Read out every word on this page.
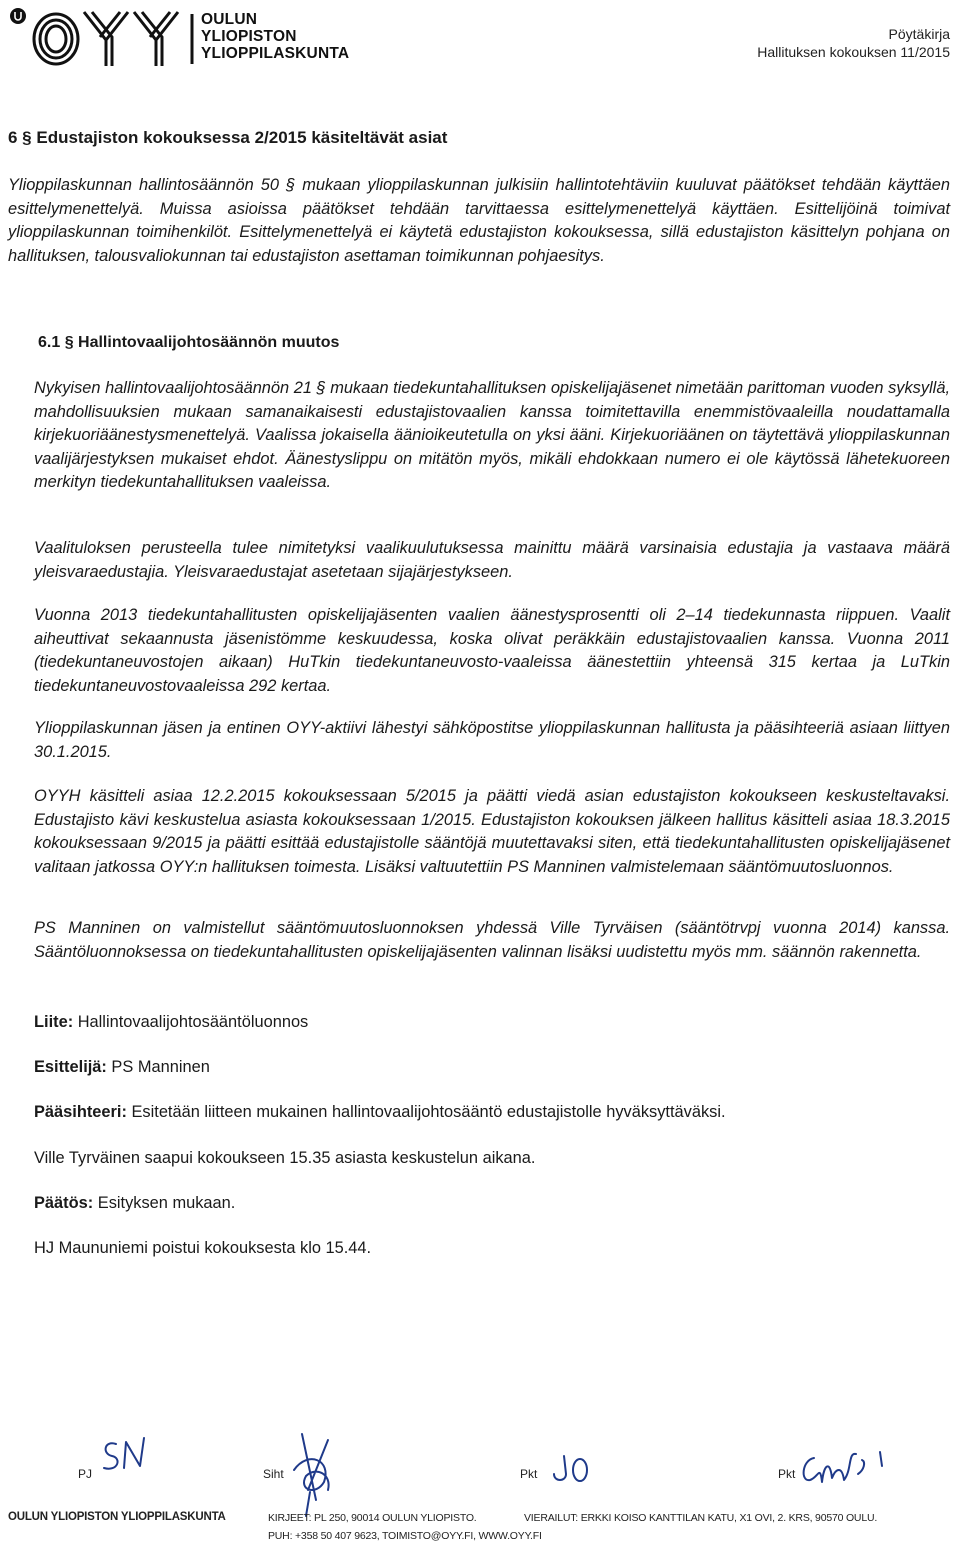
OULUN
YLIOPISTON
YLIOPPILASKUNTA
Pöytäkirja
Hallituksen kokouksen 11/2015
6 § Edustajiston kokouksessa 2/2015 käsiteltävät asiat

Ylioppilaskunnan hallintosäännön 50 § mukaan ylioppilaskunnan julkisiin hallintotehtäviin kuuluvat päätökset tehdään käyttäen esittelymenettelyä. Muissa asioissa päätökset tehdään tarvittaessa esittelymenettelyä käyttäen. Esittelijöinä toimivat ylioppilaskunnan toimihenkilöt. Esittelymenettelyä ei käytetä edustajiston kokouksessa, sillä edustajiston käsittelyn pohjana on hallituksen, talousvaliokunnan tai edustajiston asettaman toimikunnan pohjaesitys.

6.1 § Hallintovaalijohtosäännön muutos

Nykyisen hallintovaalijohtosäännön 21 § mukaan tiedekuntahallituksen opiskelijajäsenet nimetään parittoman vuoden syksyllä, mahdollisuuksien mukaan samanaikaisesti edustajistovaalien kanssa toimitettavilla enemmistövaaleilla noudattamalla kirjekuoriäänestysmenettelyä. Vaalissa jokaisella äänioikeutetulla on yksi ääni. Kirjekuoriäänen on täytettävä ylioppilaskunnan vaalijärjestyksen mukaiset ehdot. Äänestyslippu on mitätön myös, mikäli ehdokkaan numero ei ole käytössä lähetekuoreen merkityn tiedekuntahallituksen vaaleissa.

Vaalituloksen perusteella tulee nimitetyksi vaalikuulutuksessa mainittu määrä varsinaisia edustajia ja vastaava määrä yleisvaraedustajia. Yleisvaraedustajat asetetaan sijajärjestykseen.

Vuonna 2013 tiedekuntahallitusten opiskelijajäsenten vaalien äänestysprosentti oli 2–14 tiedekunnasta riippuen. Vaalit aiheuttivat sekaannusta jäsenistömme keskuudessa, koska olivat peräkkäin edustajistovaalien kanssa. Vuonna 2011 (tiedekuntaneuvostojen aikaan) HuTkin tiedekuntaneuvosto-vaaleissa äänestettiin yhteensä 315 kertaa ja LuTkin tiedekuntaneuvostovaaleissa 292 kertaa.

Ylioppilaskunnan jäsen ja entinen OYY-aktiivi lähestyi sähköpostitse ylioppilaskunnan hallitusta ja pääsihteeriä asiaan liittyen 30.1.2015.

OYYH käsitteli asiaa 12.2.2015 kokouksessaan 5/2015 ja päätti viedä asian edustajiston kokoukseen keskusteltavaksi. Edustajisto kävi keskustelua asiasta kokouksessaan 1/2015. Edustajiston kokouksen jälkeen hallitus käsitteli asiaa 18.3.2015 kokouksessaan 9/2015 ja päätti esittää edustajistolle sääntöjä muutettavaksi siten, että tiedekuntahallitusten opiskelijajäsenet valitaan jatkossa OYY:n hallituksen toimesta. Lisäksi valtuutettiin PS Manninen valmistelemaan sääntömuutosluonnos.

PS Manninen on valmistellut sääntömuutosluonnoksen yhdessä Ville Tyrväisen (sääntötrvpj vuonna 2014) kanssa. Sääntöluonnoksessa on tiedekuntahallitusten opiskelijajäsenten valinnan lisäksi uudistettu myös mm. säännön rakennetta.

Liite: Hallintovaalijohtosääntöluonnos
Esittelijä: PS Manninen
Pääsihteeri: Esitetään liitteen mukainen hallintovaalijohtosääntö edustajistolle hyväksyttäväksi.
Ville Tyrväinen saapui kokoukseen 15.35 asiasta keskustelun aikana.
Päätös: Esityksen mukaan.
HJ Maununiemi poistui kokouksesta klo 15.44.
PJ	Siht	Pkt	Pkt
OULUN YLIOPISTON YLIOPPILASKUNTA	KIRJEET: PL 250, 90014 OULUN YLIOPISTO.	VIERAILUT: ERKKI KOISO KANTTILAN KATU, X1 OVI, 2. KRS, 90570 OULU.
PUH: +358 50 407 9623, TOIMISTO@OYY.FI, WWW.OYY.FI
